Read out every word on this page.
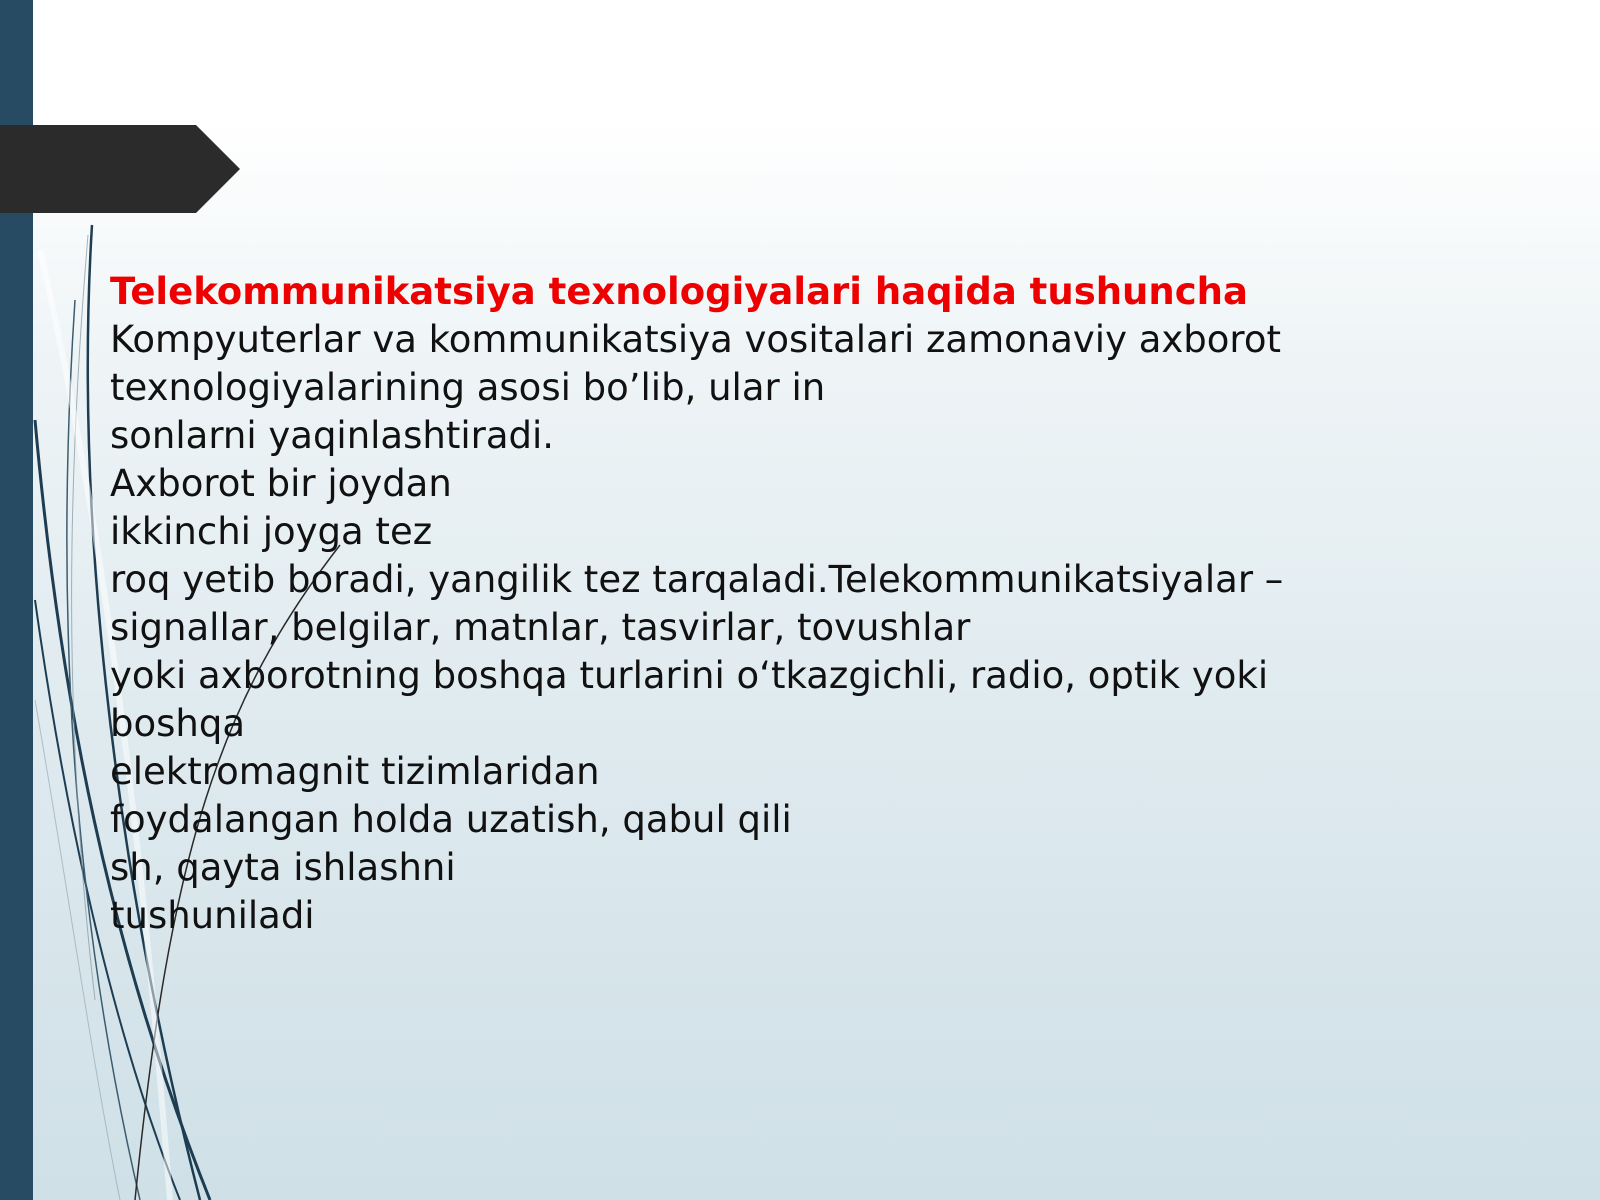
Telekommunikatsiya texnologiyalari haqida tushuncha
Kompyuterlar va kommunikatsiya vositalari zamonaviy axborot
texnologiyalarining asosi bo’lib, ular in
sonlarni yaqinlashtiradi.
Axborot bir joydan
ikkinchi joyga tez
roq yetib boradi, yangilik tez tarqaladi.Telekommunikatsiyalar –
signallar, belgilar, matnlar, tasvirlar, tovushlar
yoki axborotning boshqa turlarini o‘tkazgichli, radio, optik yoki
boshqa
elektromagnit tizimlaridan
foydalangan holda uzatish, qabul qili
sh, qayta ishlashni
tushuniladi
